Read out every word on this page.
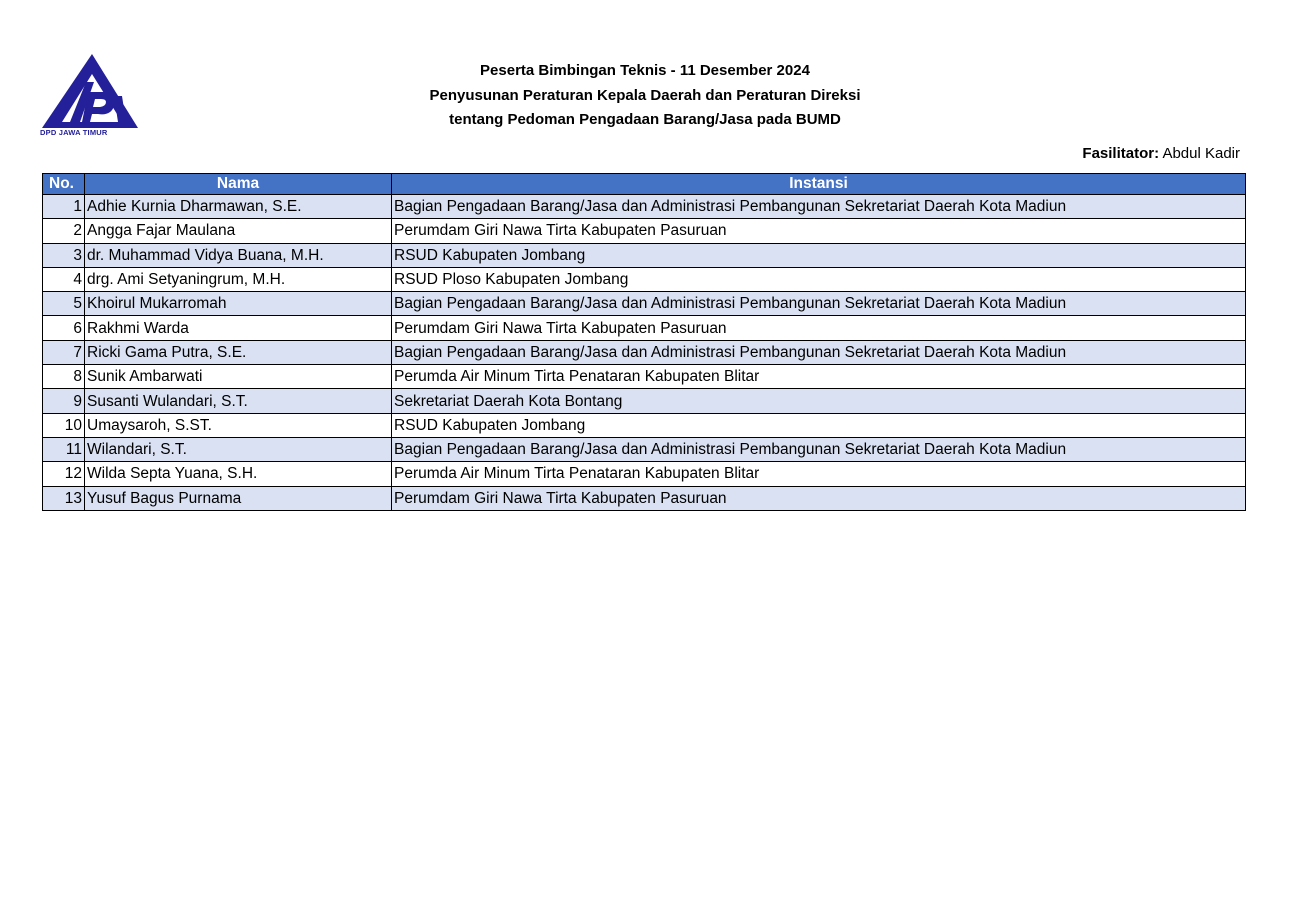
DPD JAWA TIMUR
Peserta Bimbingan Teknis - 11 Desember 2024
Penyusunan Peraturan Kepala Daerah dan Peraturan Direksi
tentang Pedoman Pengadaan Barang/Jasa pada BUMD
Fasilitator: Abdul Kadir
No.	Nama	Instansi
1	Adhie Kurnia Dharmawan, S.E.	Bagian Pengadaan Barang/Jasa dan Administrasi Pembangunan Sekretariat Daerah Kota Madiun
2	Angga Fajar Maulana	Perumdam Giri Nawa Tirta Kabupaten Pasuruan
3	dr. Muhammad Vidya Buana, M.H.	RSUD Kabupaten Jombang
4	drg. Ami Setyaningrum, M.H.	RSUD Ploso Kabupaten Jombang
5	Khoirul Mukarromah	Bagian Pengadaan Barang/Jasa dan Administrasi Pembangunan Sekretariat Daerah Kota Madiun
6	Rakhmi Warda	Perumdam Giri Nawa Tirta Kabupaten Pasuruan
7	Ricki Gama Putra, S.E.	Bagian Pengadaan Barang/Jasa dan Administrasi Pembangunan Sekretariat Daerah Kota Madiun
8	Sunik Ambarwati	Perumda Air Minum Tirta Penataran Kabupaten Blitar
9	Susanti Wulandari, S.T.	Sekretariat Daerah Kota Bontang
10	Umaysaroh, S.ST.	RSUD Kabupaten Jombang
11	Wilandari, S.T.	Bagian Pengadaan Barang/Jasa dan Administrasi Pembangunan Sekretariat Daerah Kota Madiun
12	Wilda Septa Yuana, S.H.	Perumda Air Minum Tirta Penataran Kabupaten Blitar
13	Yusuf Bagus Purnama	Perumdam Giri Nawa Tirta Kabupaten Pasuruan
